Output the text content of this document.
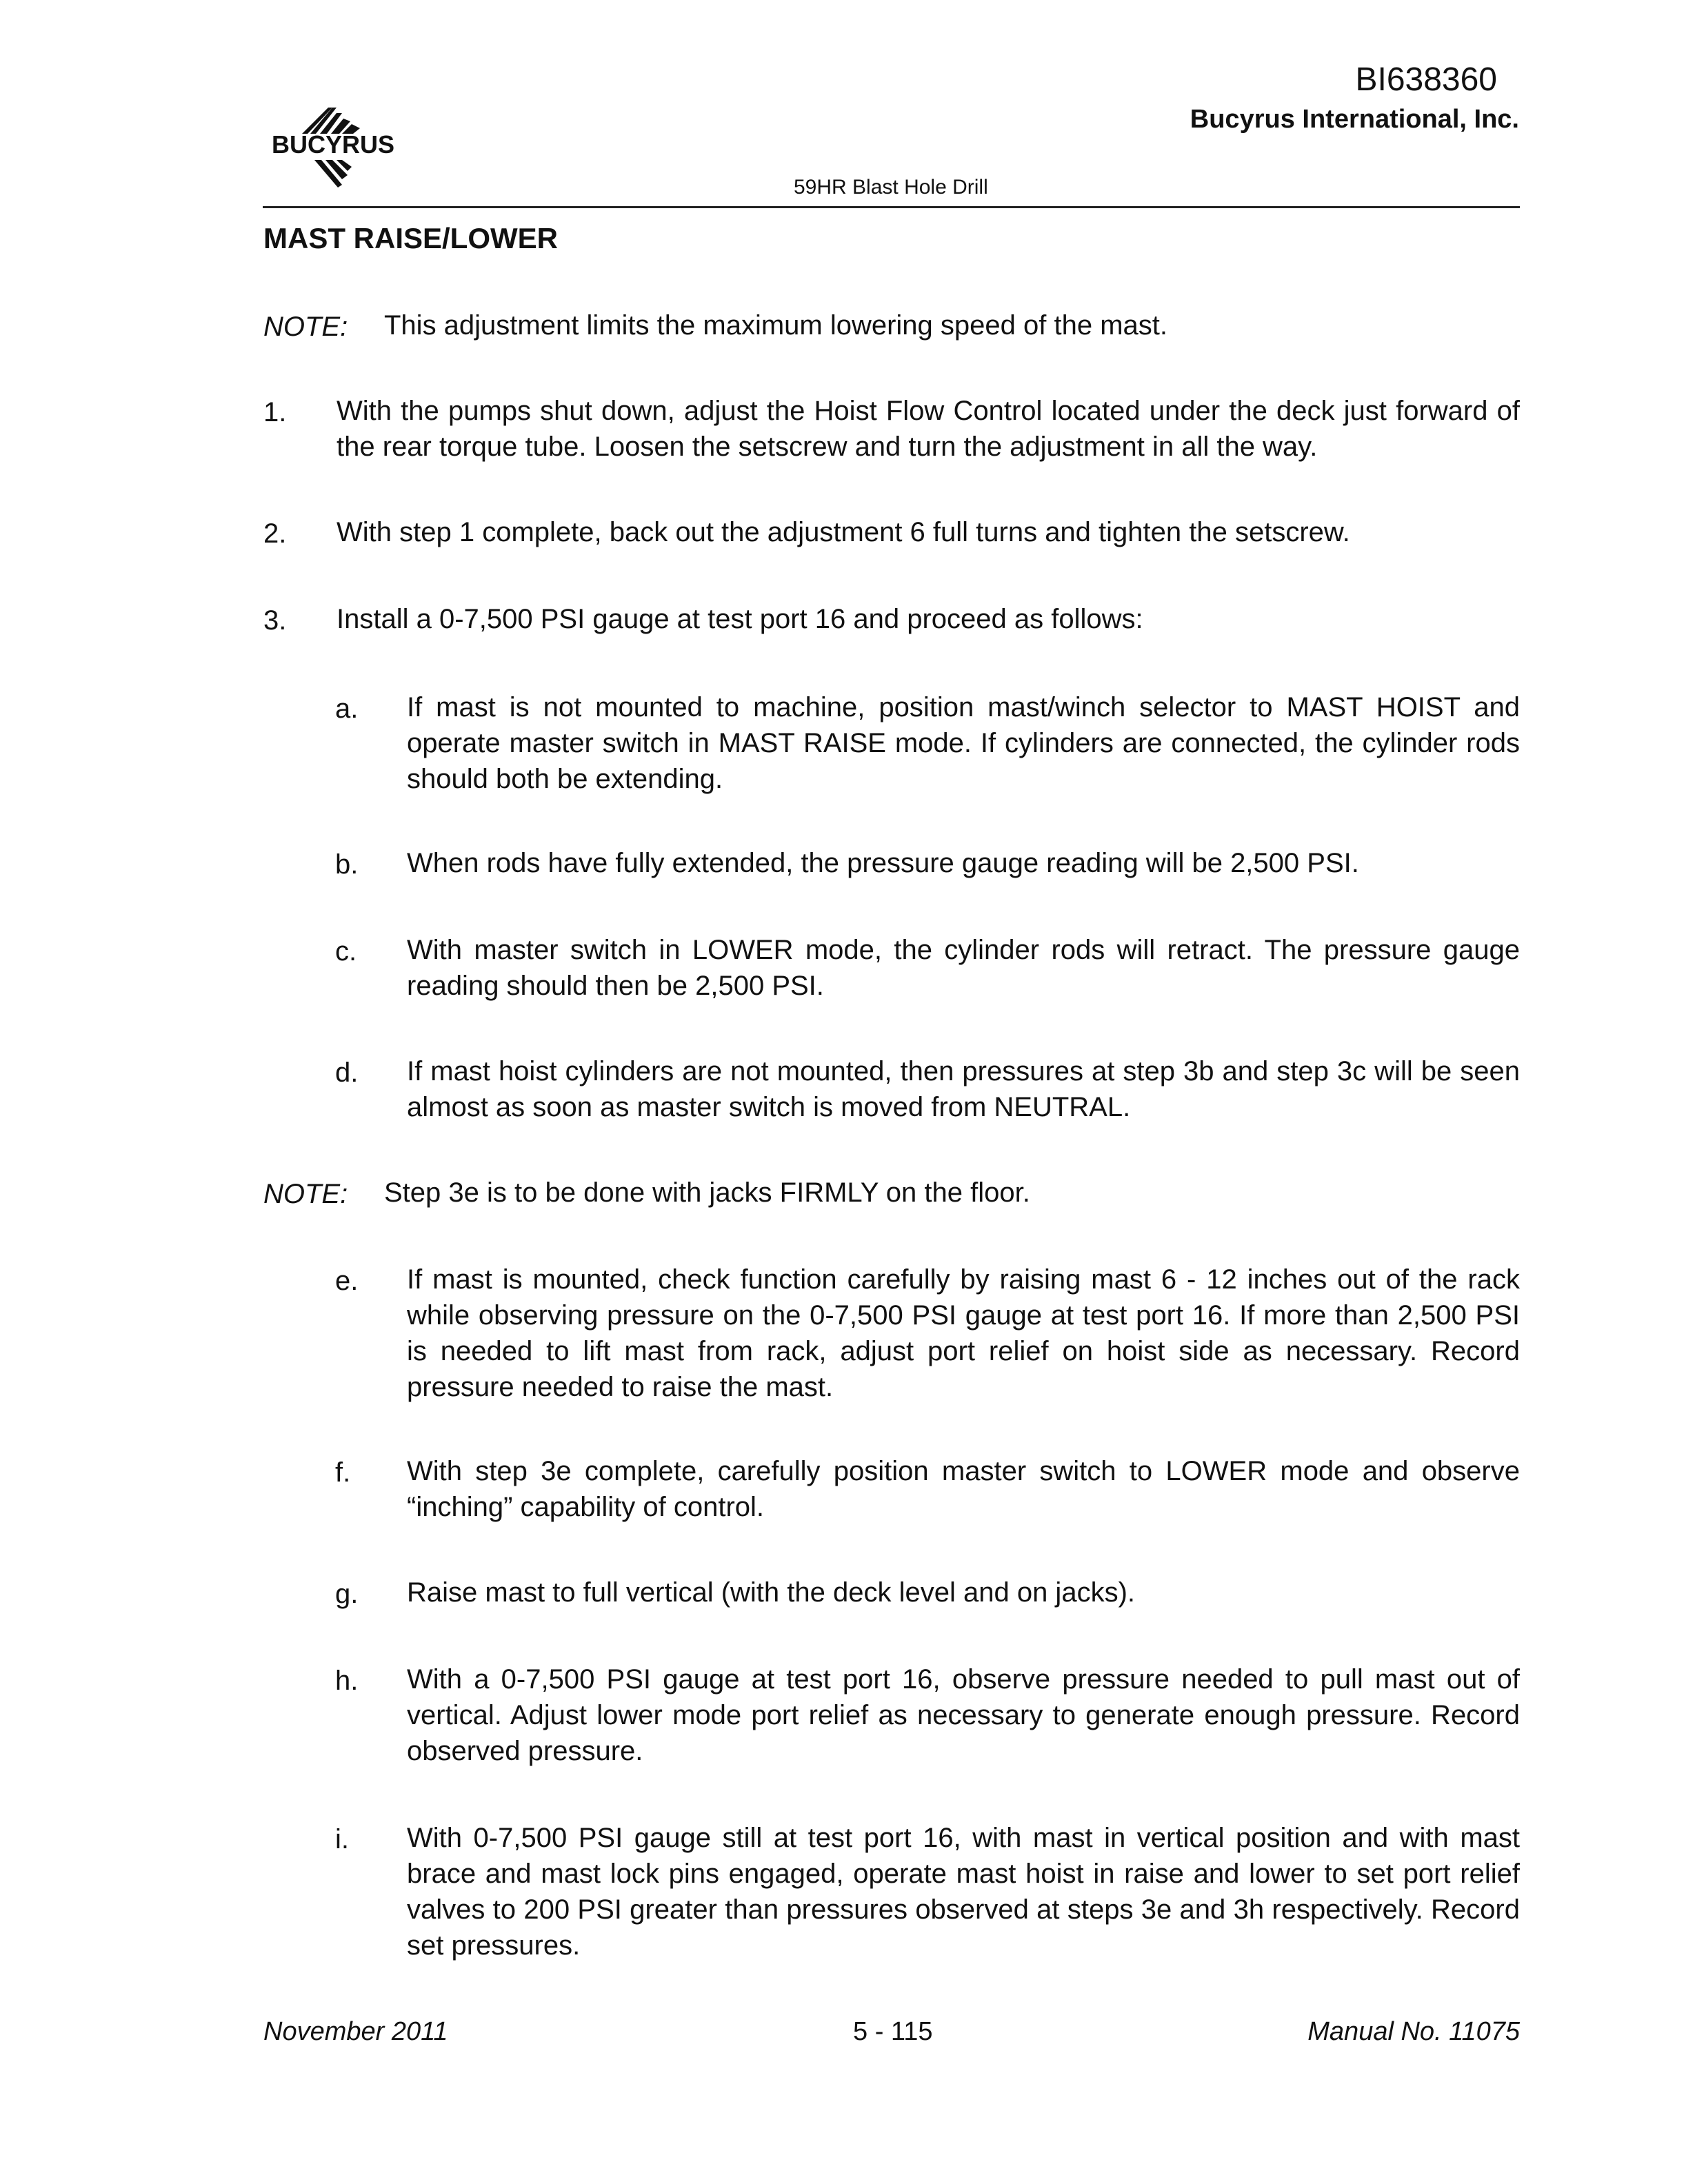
BI638360
Bucyrus International, Inc.
BUCYRUS
59HR Blast Hole Drill
MAST RAISE/LOWER
NOTE: This adjustment limits the maximum lowering speed of the mast.
1. With the pumps shut down, adjust the Hoist Flow Control located under the deck just forward of the rear torque tube. Loosen the setscrew and turn the adjustment in all the way.
2. With step 1 complete, back out the adjustment 6 full turns and tighten the setscrew.
3. Install a 0-7,500 PSI gauge at test port 16 and proceed as follows:
a. If mast is not mounted to machine, position mast/winch selector to MAST HOIST and operate master switch in MAST RAISE mode. If cylinders are connected, the cylinder rods should both be extending.
b. When rods have fully extended, the pressure gauge reading will be 2,500 PSI.
c. With master switch in LOWER mode, the cylinder rods will retract. The pressure gauge reading should then be 2,500 PSI.
d. If mast hoist cylinders are not mounted, then pressures at step 3b and step 3c will be seen almost as soon as master switch is moved from NEUTRAL.
NOTE: Step 3e is to be done with jacks FIRMLY on the floor.
e. If mast is mounted, check function carefully by raising mast 6 - 12 inches out of the rack while observing pressure on the 0-7,500 PSI gauge at test port 16. If more than 2,500 PSI is needed to lift mast from rack, adjust port relief on hoist side as necessary. Record pressure needed to raise the mast.
f. With step 3e complete, carefully position master switch to LOWER mode and observe “inching” capability of control.
g. Raise mast to full vertical (with the deck level and on jacks).
h. With a 0-7,500 PSI gauge at test port 16, observe pressure needed to pull mast out of vertical. Adjust lower mode port relief as necessary to generate enough pressure. Record observed pressure.
i. With 0-7,500 PSI gauge still at test port 16, with mast in vertical position and with mast brace and mast lock pins engaged, operate mast hoist in raise and lower to set port relief valves to 200 PSI greater than pressures observed at steps 3e and 3h respectively. Record set pressures.
November 2011	5 - 115	Manual No. 11075
